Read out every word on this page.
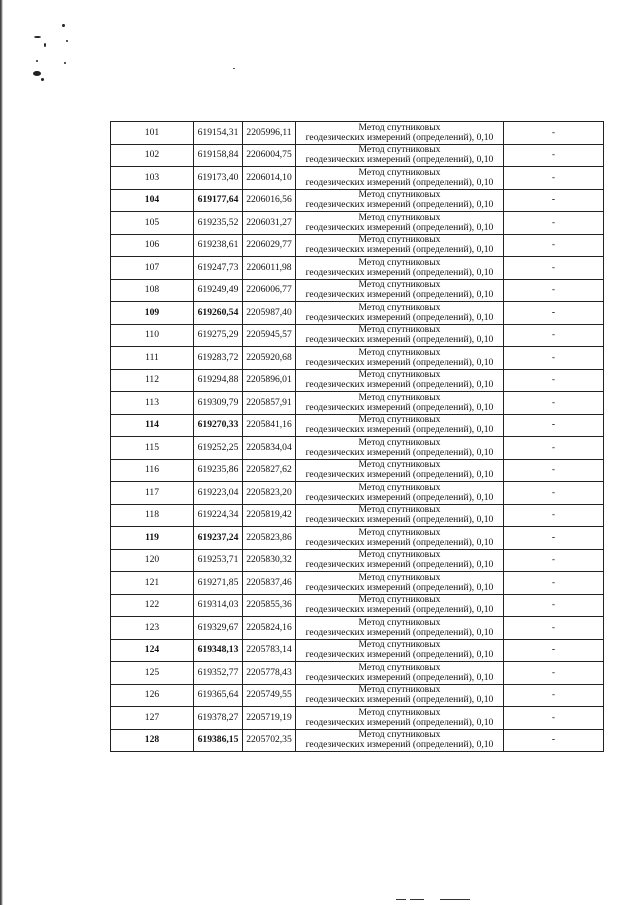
101	619154,31	2205996,11	Метод спутниковых
геодезических измерений (определений), 0,10	-
102	619158,84	2206004,75	Метод спутниковых
геодезических измерений (определений), 0,10	-
103	619173,40	2206014,10	Метод спутниковых
геодезических измерений (определений), 0,10	-
104	619177,64	2206016,56	Метод спутниковых
геодезических измерений (определений), 0,10	-
105	619235,52	2206031,27	Метод спутниковых
геодезических измерений (определений), 0,10	-
106	619238,61	2206029,77	Метод спутниковых
геодезических измерений (определений), 0,10	-
107	619247,73	2206011,98	Метод спутниковых
геодезических измерений (определений), 0,10	-
108	619249,49	2206006,77	Метод спутниковых
геодезических измерений (определений), 0,10	-
109	619260,54	2205987,40	Метод спутниковых
геодезических измерений (определений), 0,10	-
110	619275,29	2205945,57	Метод спутниковых
геодезических измерений (определений), 0,10	-
111	619283,72	2205920,68	Метод спутниковых
геодезических измерений (определений), 0,10	-
112	619294,88	2205896,01	Метод спутниковых
геодезических измерений (определений), 0,10	-
113	619309,79	2205857,91	Метод спутниковых
геодезических измерений (определений), 0,10	-
114	619270,33	2205841,16	Метод спутниковых
геодезических измерений (определений), 0,10	-
115	619252,25	2205834,04	Метод спутниковых
геодезических измерений (определений), 0,10	-
116	619235,86	2205827,62	Метод спутниковых
геодезических измерений (определений), 0,10	-
117	619223,04	2205823,20	Метод спутниковых
геодезических измерений (определений), 0,10	-
118	619224,34	2205819,42	Метод спутниковых
геодезических измерений (определений), 0,10	-
119	619237,24	2205823,86	Метод спутниковых
геодезических измерений (определений), 0,10	-
120	619253,71	2205830,32	Метод спутниковых
геодезических измерений (определений), 0,10	-
121	619271,85	2205837,46	Метод спутниковых
геодезических измерений (определений), 0,10	-
122	619314,03	2205855,36	Метод спутниковых
геодезических измерений (определений), 0,10	-
123	619329,67	2205824,16	Метод спутниковых
геодезических измерений (определений), 0,10	-
124	619348,13	2205783,14	Метод спутниковых
геодезических измерений (определений), 0,10	-
125	619352,77	2205778,43	Метод спутниковых
геодезических измерений (определений), 0,10	-
126	619365,64	2205749,55	Метод спутниковых
геодезических измерений (определений), 0,10	-
127	619378,27	2205719,19	Метод спутниковых
геодезических измерений (определений), 0,10	-
128	619386,15	2205702,35	Метод спутниковых
геодезических измерений (определений), 0,10	-
